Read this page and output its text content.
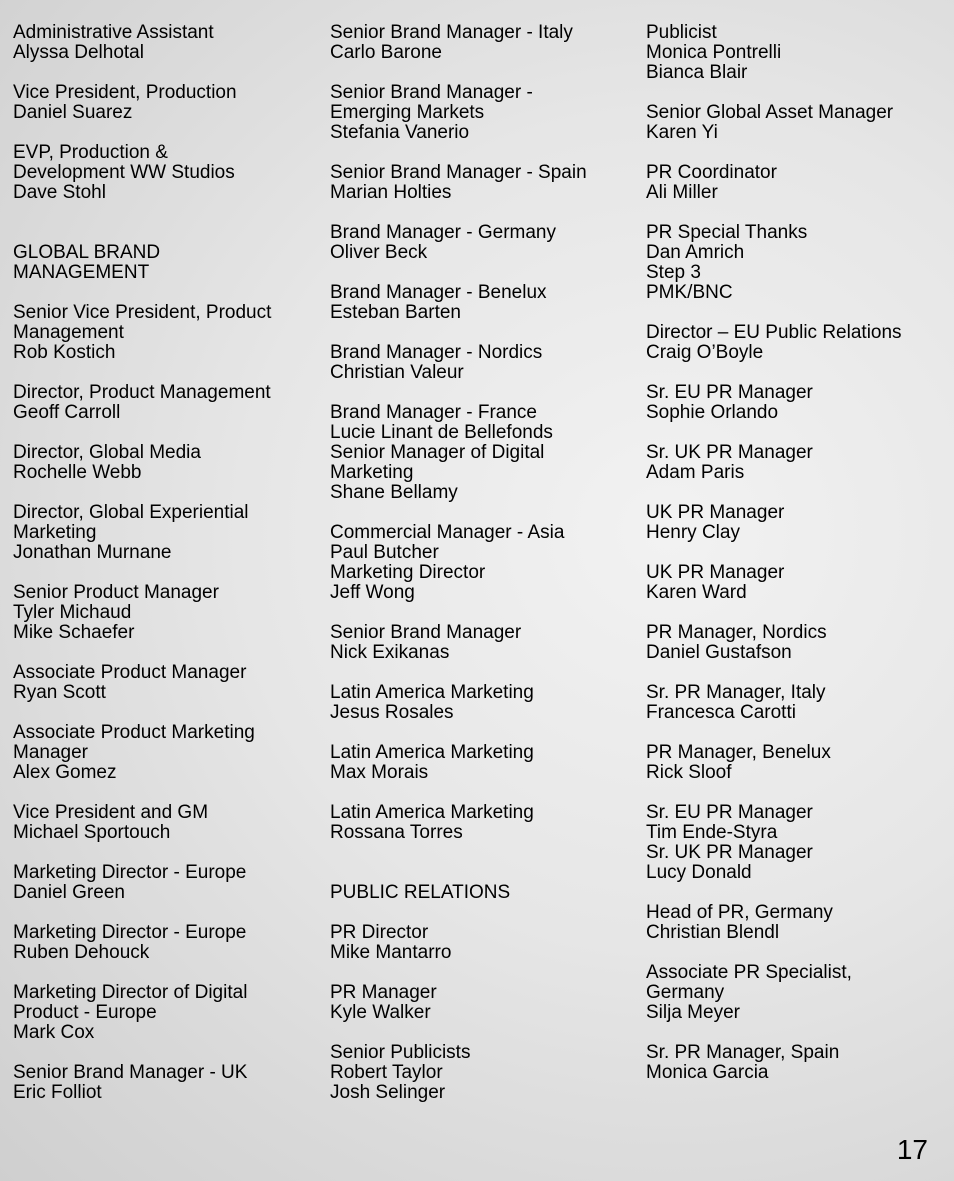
Administrative Assistant
Alyssa Delhotal
Vice President, Production
Daniel Suarez
EVP, Production &
Development WW Studios
Dave Stohl
GLOBAL BRAND
MANAGEMENT
Senior Vice President, Product
Management
Rob Kostich
Director, Product Management
Geoff Carroll
Director, Global Media
Rochelle Webb
Director, Global Experiential
Marketing
Jonathan Murnane
Senior Product Manager
Tyler Michaud
Mike Schaefer
Associate Product Manager
Ryan Scott
Associate Product Marketing
Manager
Alex Gomez
Vice President and GM
Michael Sportouch
Marketing Director - Europe
Daniel Green
Marketing Director - Europe
Ruben Dehouck
Marketing Director of Digital
Product - Europe
Mark Cox
Senior Brand Manager - UK
Eric Folliot
Senior Brand Manager - Italy
Carlo Barone
Senior Brand Manager -
Emerging Markets
Stefania Vanerio
Senior Brand Manager - Spain
Marian Holties
Brand Manager - Germany
Oliver Beck
Brand Manager - Benelux
Esteban Barten
Brand Manager - Nordics
Christian Valeur
Brand Manager - France
Lucie Linant de Bellefonds
Senior Manager of Digital
Marketing
Shane Bellamy
Commercial Manager - Asia
Paul Butcher
Marketing Director
Jeff Wong
Senior Brand Manager
Nick Exikanas
Latin America Marketing
Jesus Rosales
Latin America Marketing
Max Morais
Latin America Marketing
Rossana Torres
PUBLIC RELATIONS
PR Director
Mike Mantarro
PR Manager
Kyle Walker
Senior Publicists
Robert Taylor
Josh Selinger
Publicist
Monica Pontrelli
Bianca Blair
Senior Global Asset Manager
Karen Yi
PR Coordinator
Ali Miller
PR Special Thanks
Dan Amrich
Step 3
PMK/BNC
Director – EU Public Relations
Craig O’Boyle
Sr. EU PR Manager
Sophie Orlando
Sr. UK PR Manager
Adam Paris
UK PR Manager
Henry Clay
UK PR Manager
Karen Ward
PR Manager, Nordics
Daniel Gustafson
Sr. PR Manager, Italy
Francesca Carotti
PR Manager, Benelux
Rick Sloof
Sr. EU PR Manager
Tim Ende-Styra
Sr. UK PR Manager
Lucy Donald
Head of PR, Germany
Christian Blendl
Associate PR Specialist,
Germany
Silja Meyer
Sr. PR Manager, Spain
Monica Garcia
17
